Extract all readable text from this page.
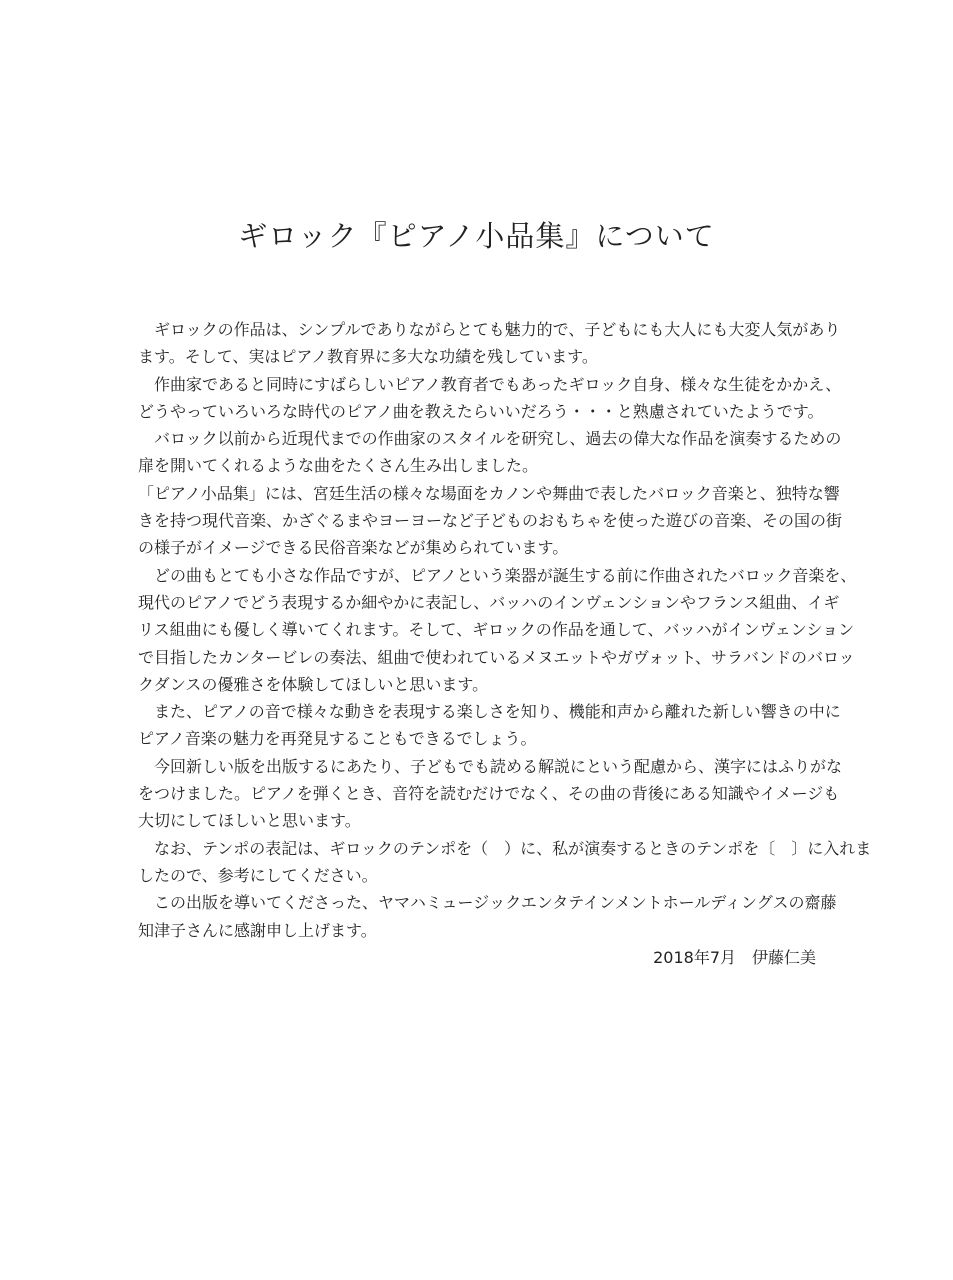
ギロック『ピアノ小品集』について
ギロックの作品は、シンプルでありながらとても魅力的で、子どもにも大人にも大変人気があり
ます。そして、実はピアノ教育界に多大な功績を残しています。
作曲家であると同時にすばらしいピアノ教育者でもあったギロック自身、様々な生徒をかかえ、
どうやっていろいろな時代のピアノ曲を教えたらいいだろう・・・と熟慮されていたようです。
バロック以前から近現代までの作曲家のスタイルを研究し、過去の偉大な作品を演奏するための
扉を開いてくれるような曲をたくさん生み出しました。
「ピアノ小品集」には、宮廷生活の様々な場面をカノンや舞曲で表したバロック音楽と、独特な響
きを持つ現代音楽、かざぐるまやヨーヨーなど子どものおもちゃを使った遊びの音楽、その国の街
の様子がイメージできる民俗音楽などが集められています。
どの曲もとても小さな作品ですが、ピアノという楽器が誕生する前に作曲されたバロック音楽を、
現代のピアノでどう表現するか細やかに表記し、バッハのインヴェンションやフランス組曲、イギ
リス組曲にも優しく導いてくれます。そして、ギロックの作品を通して、バッハがインヴェンション
で目指したカンタービレの奏法、組曲で使われているメヌエットやガヴォット、サラバンドのバロッ
クダンスの優雅さを体験してほしいと思います。
また、ピアノの音で様々な動きを表現する楽しさを知り、機能和声から離れた新しい響きの中に
ピアノ音楽の魅力を再発見することもできるでしょう。
今回新しい版を出版するにあたり、子どもでも読める解説にという配慮から、漢字にはふりがな
をつけました。ピアノを弾くとき、音符を読むだけでなく、その曲の背後にある知識やイメージも
大切にしてほしいと思います。
なお、テンポの表記は、ギロックのテンポを（　）に、私が演奏するときのテンポを〔　〕に入れま
したので、参考にしてください。
この出版を導いてくださった、ヤマハミュージックエンタテインメントホールディングスの齋藤
知津子さんに感謝申し上げます。
2018年7月　伊藤仁美
